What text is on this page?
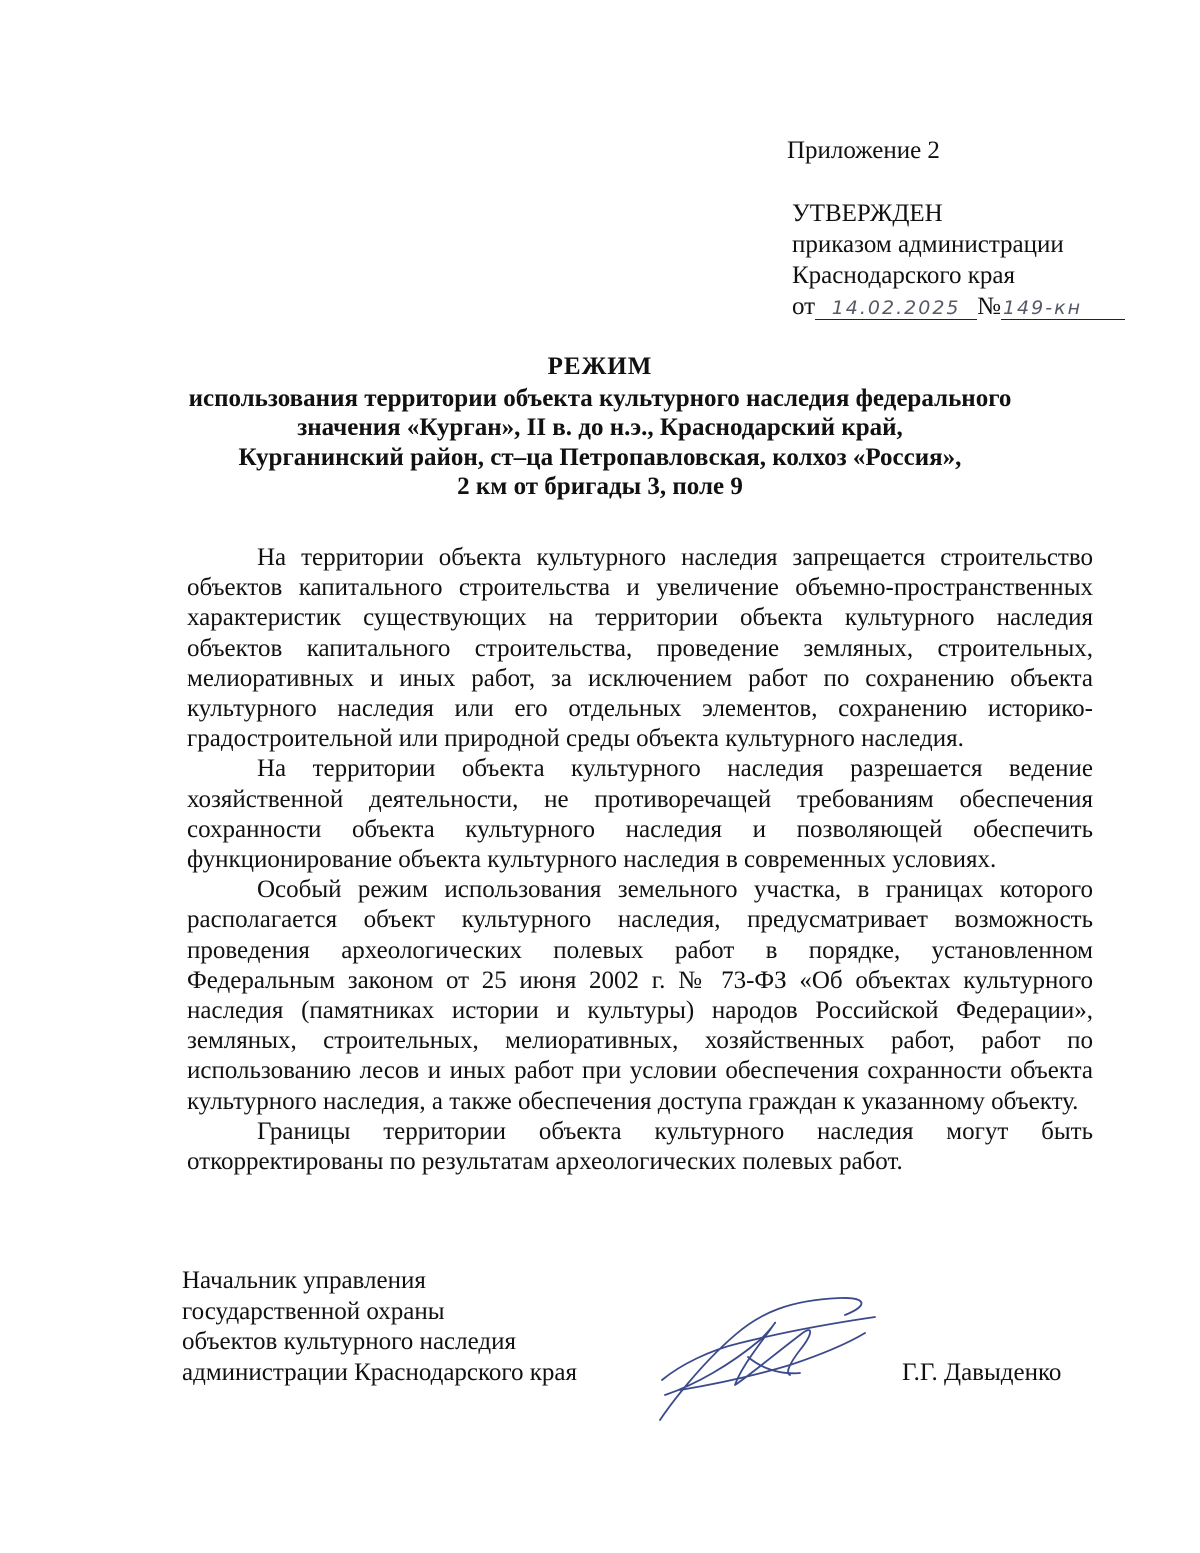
Приложение 2
УТВЕРЖДЕН
приказом администрации
Краснодарского края
от 14.02.2025 № 149-кн
РЕЖИМ
использования территории объекта культурного наследия федерального
значения «Курган», II в. до н.э., Краснодарский край,
Курганинский район, ст–ца Петропавловская, колхоз «Россия»,
2 км от бригады 3, поле 9

На территории объекта культурного наследия запрещается строительство объектов капитального строительства и увеличение объемно-пространственных характеристик существующих на территории объекта культурного наследия объектов капитального строительства, проведение земляных, строительных, мелиоративных и иных работ, за исключением работ по сохранению объекта культурного наследия или его отдельных элементов, сохранению историко-градостроительной или природной среды объекта культурного наследия.

На территории объекта культурного наследия разрешается ведение хозяйственной деятельности, не противоречащей требованиям обеспечения сохранности объекта культурного наследия и позволяющей обеспечить функционирование объекта культурного наследия в современных условиях.

Особый режим использования земельного участка, в границах которого располагается объект культурного наследия, предусматривает возможность проведения археологических полевых работ в порядке, установленном Федеральным законом от 25 июня 2002 г. № 73-ФЗ «Об объектах культурного наследия (памятниках истории и культуры) народов Российской Федерации», земляных, строительных, мелиоративных, хозяйственных работ, работ по использованию лесов и иных работ при условии обеспечения сохранности объекта культурного наследия, а также обеспечения доступа граждан к указанному объекту.

Границы территории объекта культурного наследия могут быть откорректированы по результатам археологических полевых работ.

Начальник управления
государственной охраны
объектов культурного наследия
администрации Краснодарского края	Г.Г. Давыденко
